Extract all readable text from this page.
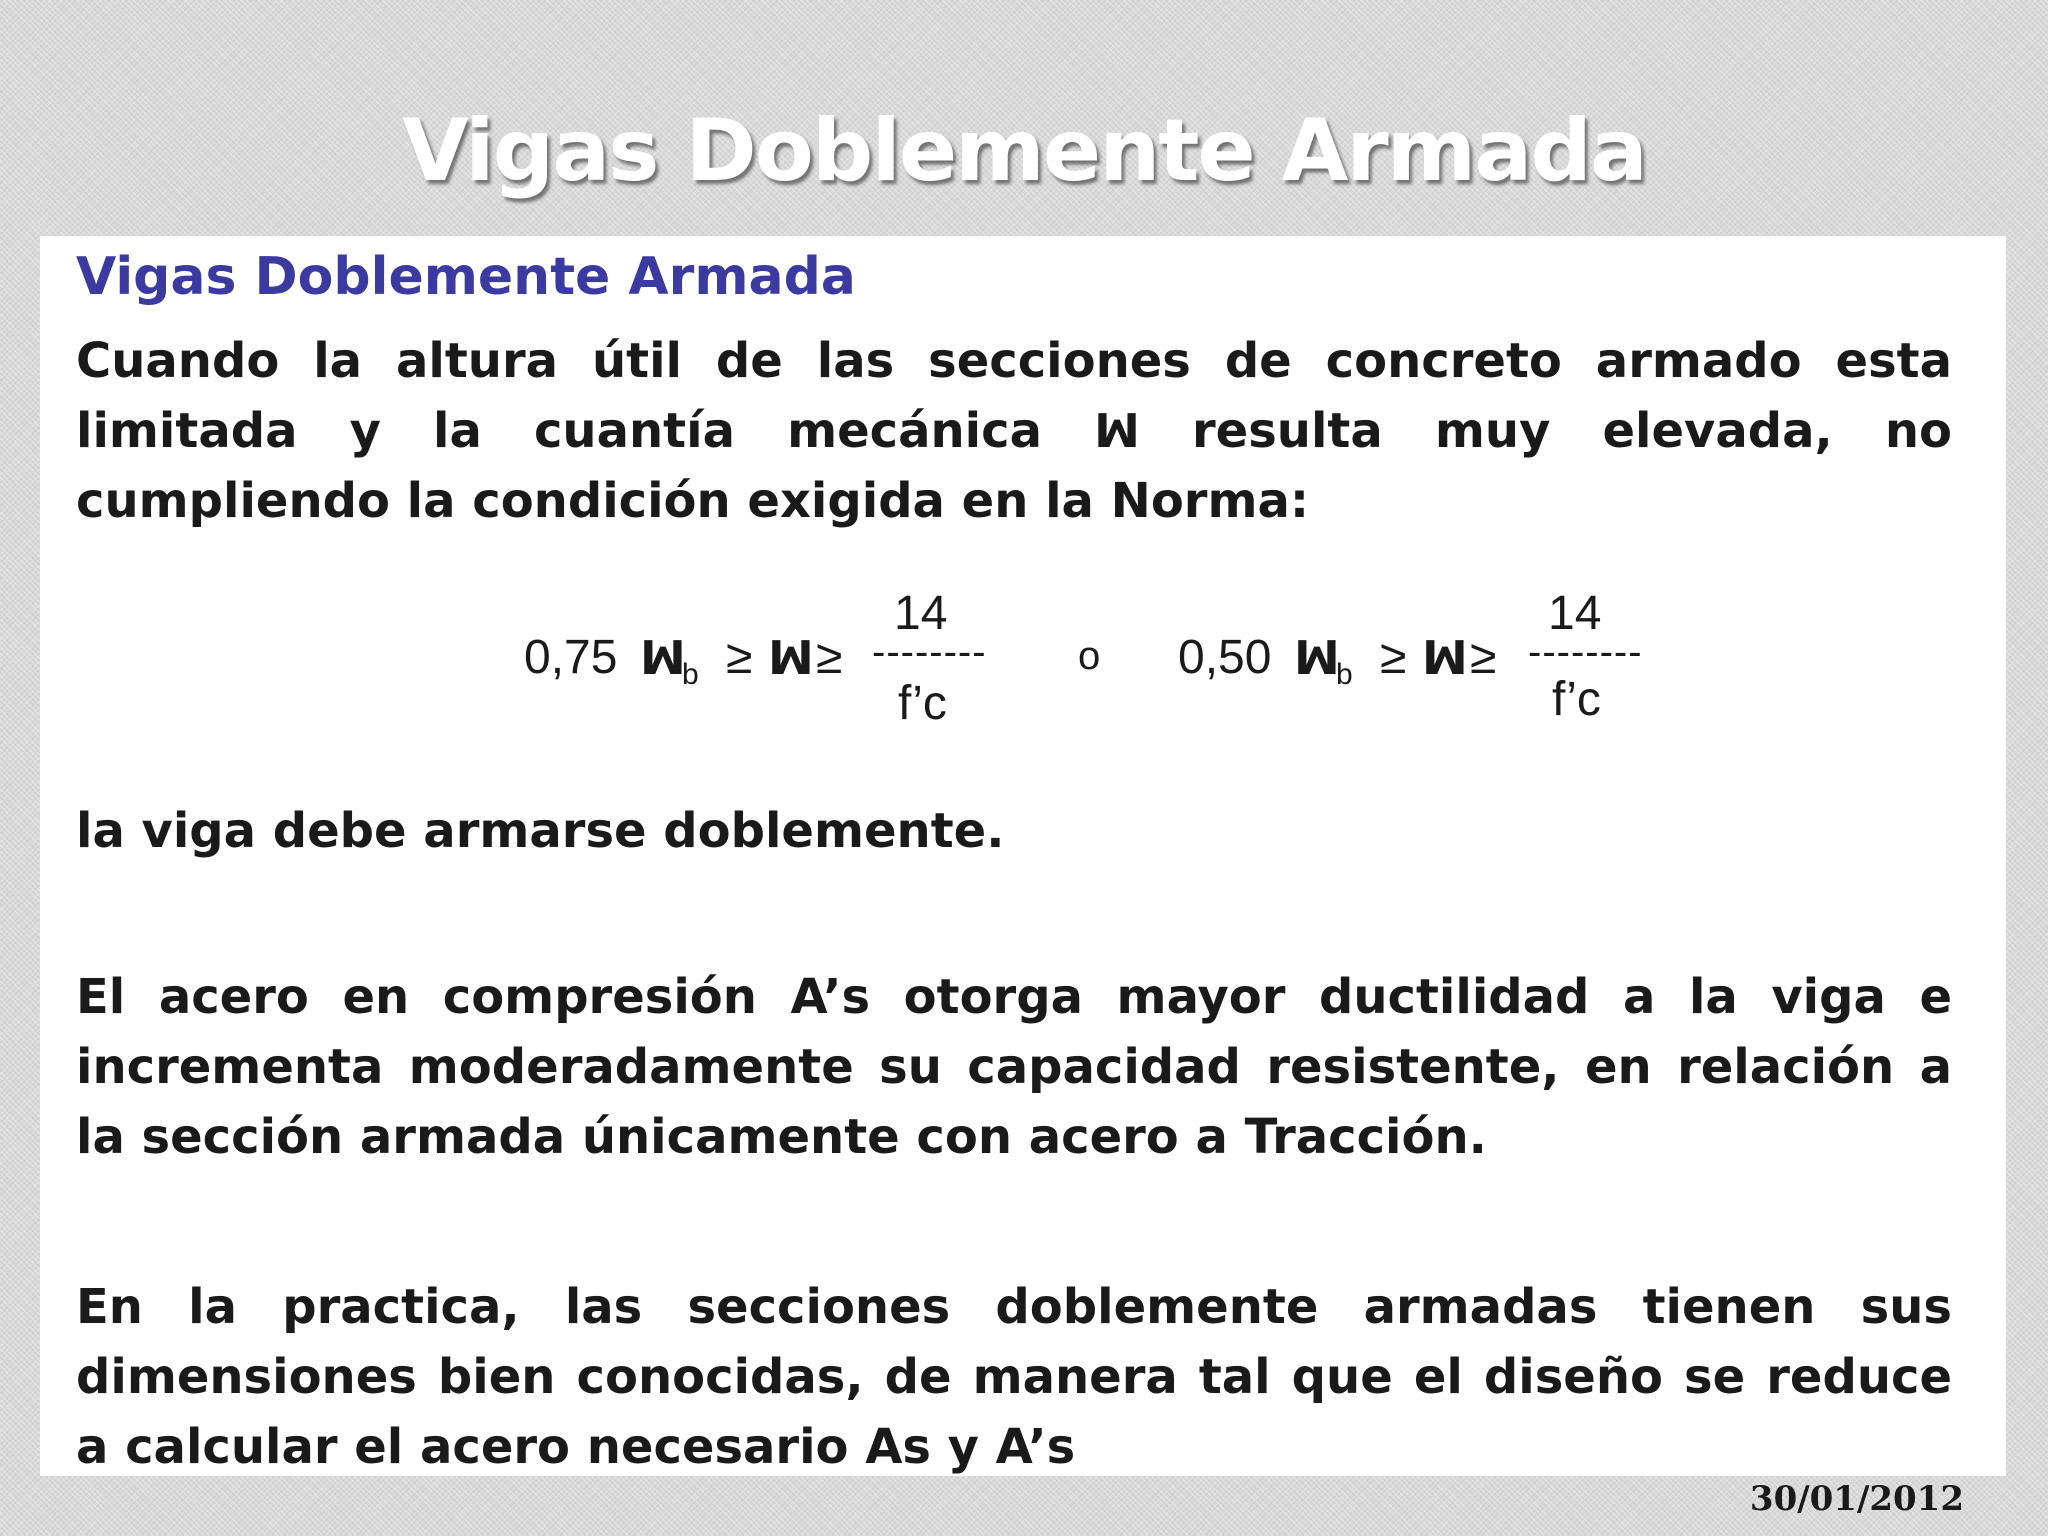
Vigas Doblemente Armada
Vigas Doblemente Armada

Cuando la altura útil de las secciones de concreto armado esta limitada y la cuantía mecánica ꟽ resulta muy elevada, no cumpliendo la condición exigida en la Norma:

0,75 ꟽ
b ≥ ꟽ ≥
14
--------
f’c
o 0,50 ꟽ
b ≥ ꟽ ≥
14
--------
f’c

la viga debe armarse doblemente.

El acero en compresión A’s otorga mayor ductilidad a la viga e incrementa moderadamente su capacidad resistente, en relación a la sección armada únicamente con acero a Tracción.

En la practica, las secciones doblemente armadas tienen sus dimensiones bien conocidas, de manera tal que el diseño se reduce a calcular el acero necesario As y A’s

30/01/2012
